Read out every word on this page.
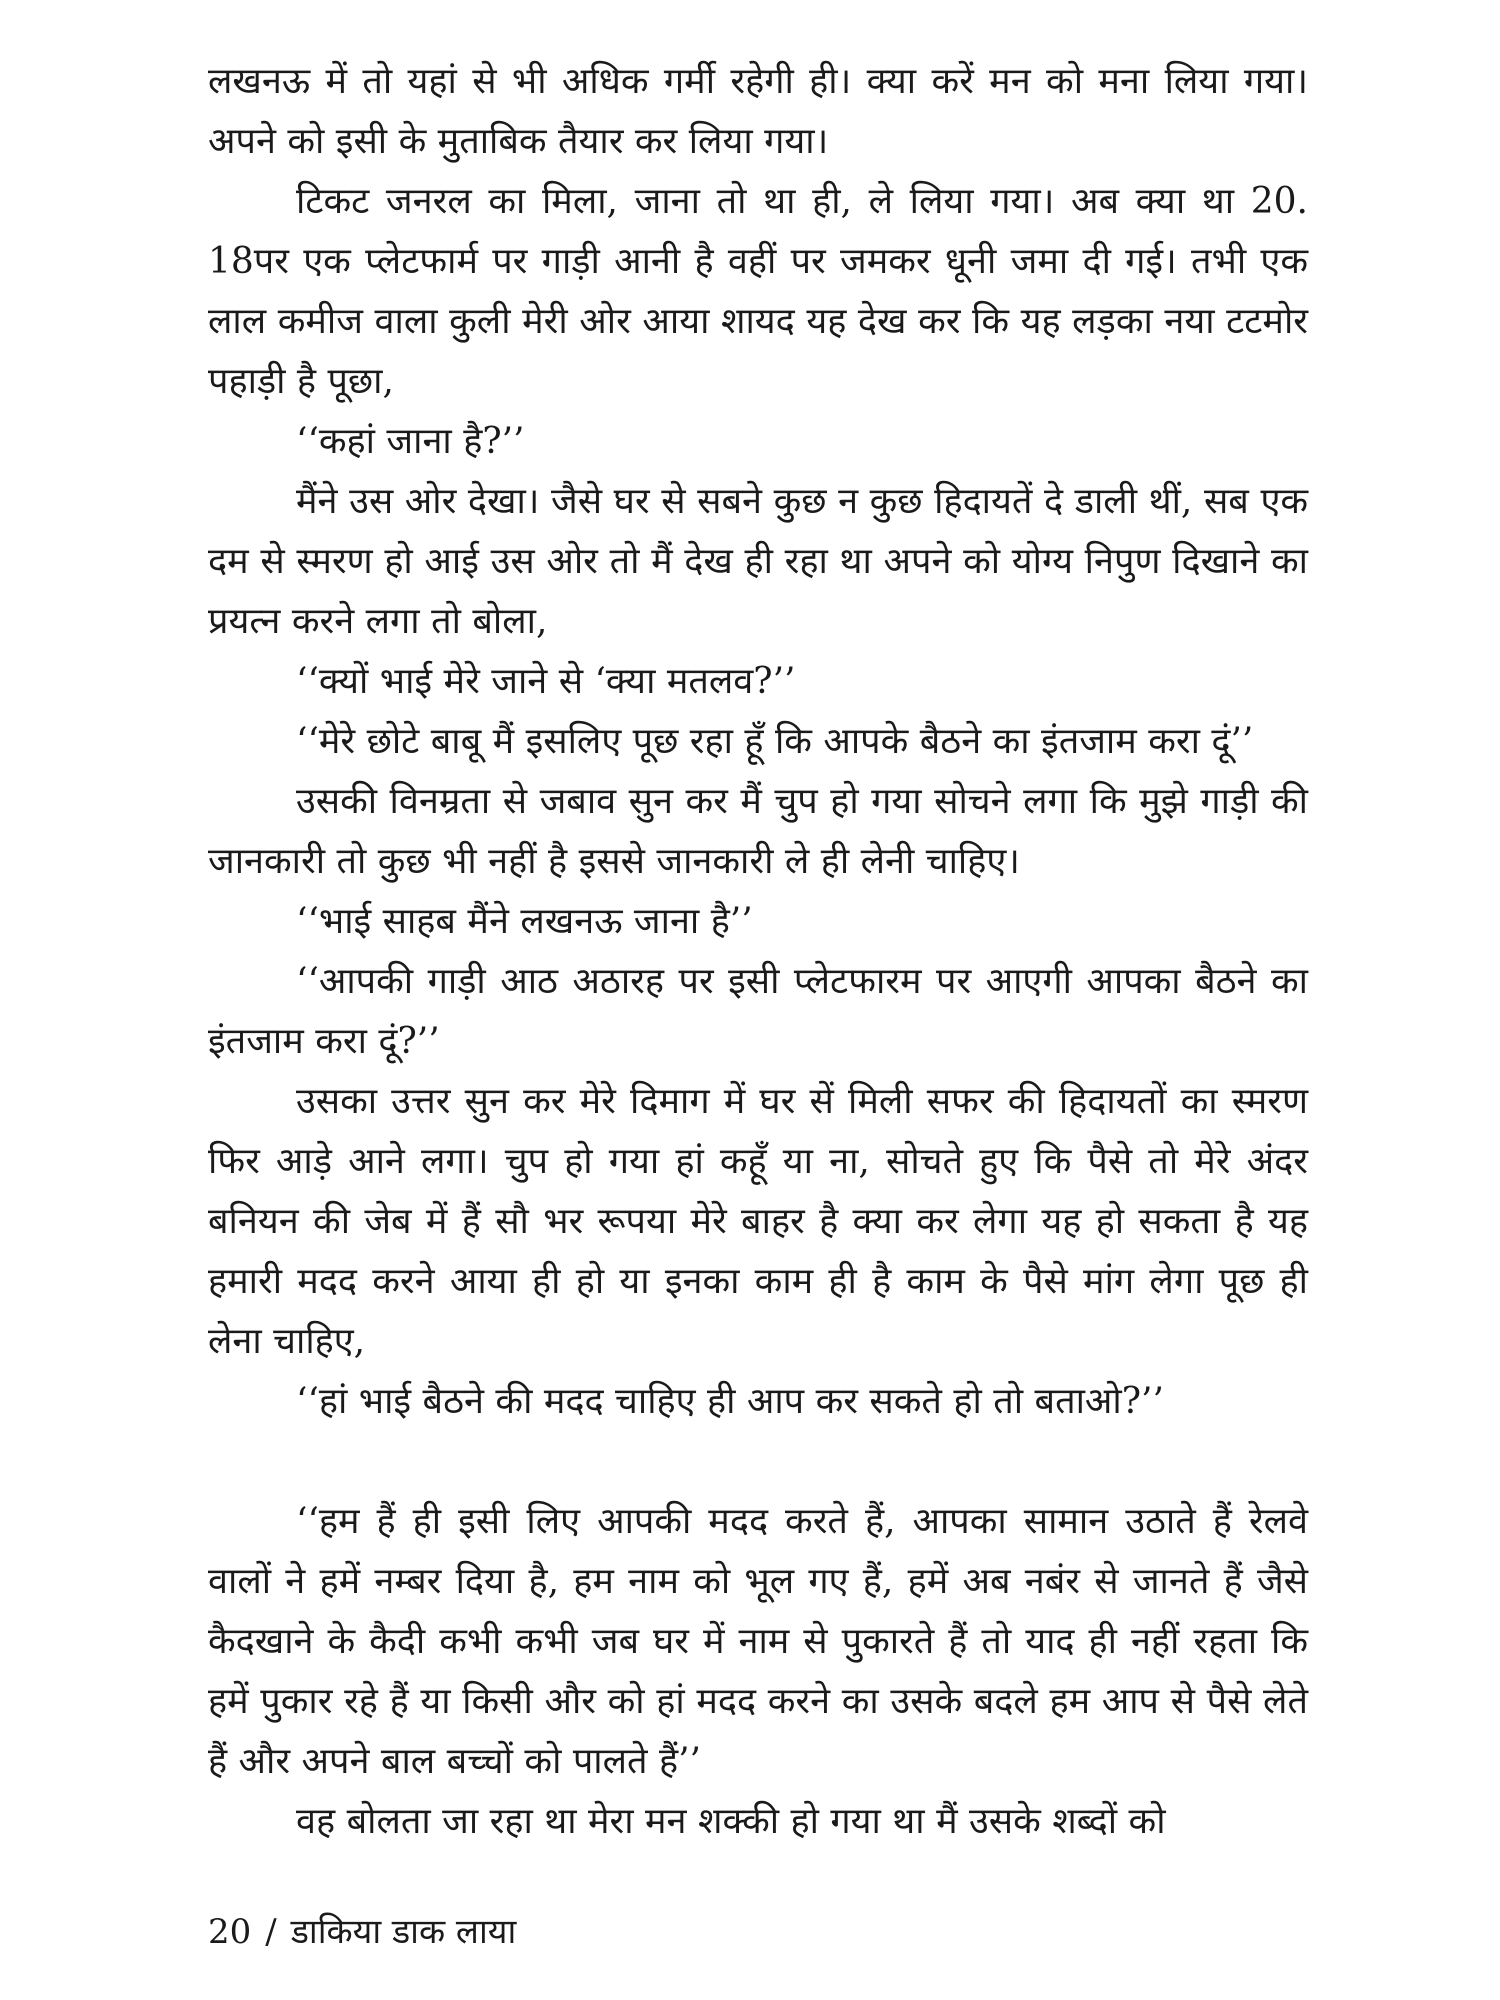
लखनऊ में तो यहां से भी अधिक गर्मी रहेगी ही। क्या करें मन को मना लिया गया। अपने को इसी के मुताबिक तैयार कर लिया गया।

टिकट जनरल का मिला, जाना तो था ही, ले लिया गया। अब क्या था 20. 18पर एक प्लेटफार्म पर गाड़ी आनी है वहीं पर जमकर धूनी जमा दी गई। तभी एक लाल कमीज वाला कुली मेरी ओर आया शायद यह देख कर कि यह लड़का नया टटमोर पहाड़ी है पूछा,

‘‘कहां जाना है?’’

मैंने उस ओर देखा। जैसे घर से सबने कुछ न कुछ हिदायतें दे डाली थीं, सब एक दम से स्मरण हो आई उस ओर तो मैं देख ही रहा था अपने को योग्य निपुण दिखाने का प्रयत्न करने लगा तो बोला,

‘‘क्यों भाई मेरे जाने से ‘क्या मतलव?’’

‘‘मेरे छोटे बाबू मैं इसलिए पूछ रहा हूँ कि आपके बैठने का इंतजाम करा दूं’’

उसकी विनम्रता से जबाव सुन कर मैं चुप हो गया सोचने लगा कि मुझे गाड़ी की जानकारी तो कुछ भी नहीं है इससे जानकारी ले ही लेनी चाहिए।

‘‘भाई साहब मैंने लखनऊ जाना है’’

‘‘आपकी गाड़ी आठ अठारह पर इसी प्लेटफारम पर आएगी आपका बैठने का इंतजाम करा दूं?’’

उसका उत्तर सुन कर मेरे दिमाग में घर सें मिली सफर की हिदायतों का स्मरण फिर आड़े आने लगा। चुप हो गया हां कहूँ या ना, सोचते हुए कि पैसे तो मेरे अंदर बनियन की जेब में हैं सौ भर रूपया मेरे बाहर है क्या कर लेगा यह हो सकता है यह हमारी मदद करने आया ही हो या इनका काम ही है काम के पैसे मांग लेगा पूछ ही लेना चाहिए,

‘‘हां भाई बैठने की मदद चाहिए ही आप कर सकते हो तो बताओ?’’

‘‘हम हैं ही इसी लिए आपकी मदद करते हैं, आपका सामान उठाते हैं रेलवे वालों ने हमें नम्बर दिया है, हम नाम को भूल गए हैं, हमें अब नबंर से जानते हैं जैसे कैदखाने के कैदी कभी कभी जब घर में नाम से पुकारते हैं तो याद ही नहीं रहता कि हमें पुकार रहे हैं या किसी और को हां मदद करने का उसके बदले हम आप से पैसे लेते हैं और अपने बाल बच्चों को पालते हैं’’

वह बोलता जा रहा था मेरा मन शक्की हो गया था मैं उसके शब्दों को

20 / डाकिया डाक लाया
